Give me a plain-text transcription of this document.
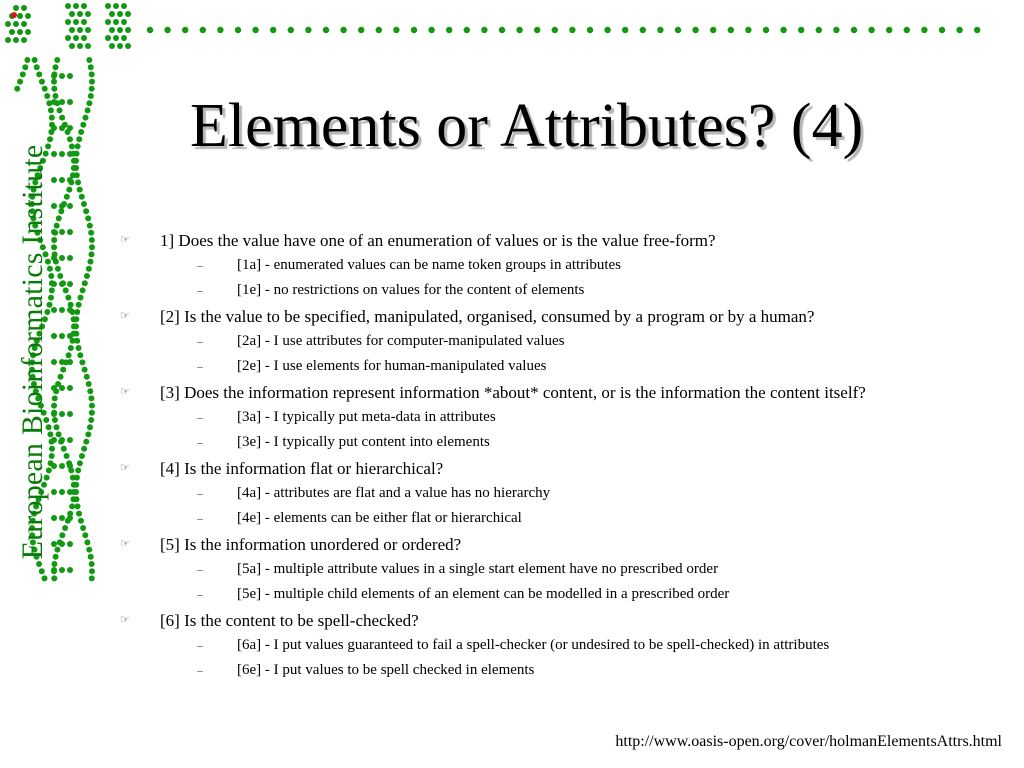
European Bioinformatics Institute
Elements or Attributes? (4)
☞ 1] Does the value have one of an enumeration of values or is the value free-form?
– [1a] - enumerated values can be name token groups in attributes
– [1e] - no restrictions on values for the content of elements
☞ [2] Is the value to be specified, manipulated, organised, consumed by a program or by a human?
– [2a] - I use attributes for computer-manipulated values
– [2e] - I use elements for human-manipulated values
☞ [3] Does the information represent information *about* content, or is the information the content itself?
– [3a] - I typically put meta-data in attributes
– [3e] - I typically put content into elements
☞ [4] Is the information flat or hierarchical?
– [4a] - attributes are flat and a value has no hierarchy
– [4e] - elements can be either flat or hierarchical
☞ [5] Is the information unordered or ordered?
– [5a] - multiple attribute values in a single start element have no prescribed order
– [5e] - multiple child elements of an element can be modelled in a prescribed order
☞ [6] Is the content to be spell-checked?
– [6a] - I put values guaranteed to fail a spell-checker (or undesired to be spell-checked) in attributes
– [6e] - I put values to be spell checked in elements
http://www.oasis-open.org/cover/holmanElementsAttrs.html
